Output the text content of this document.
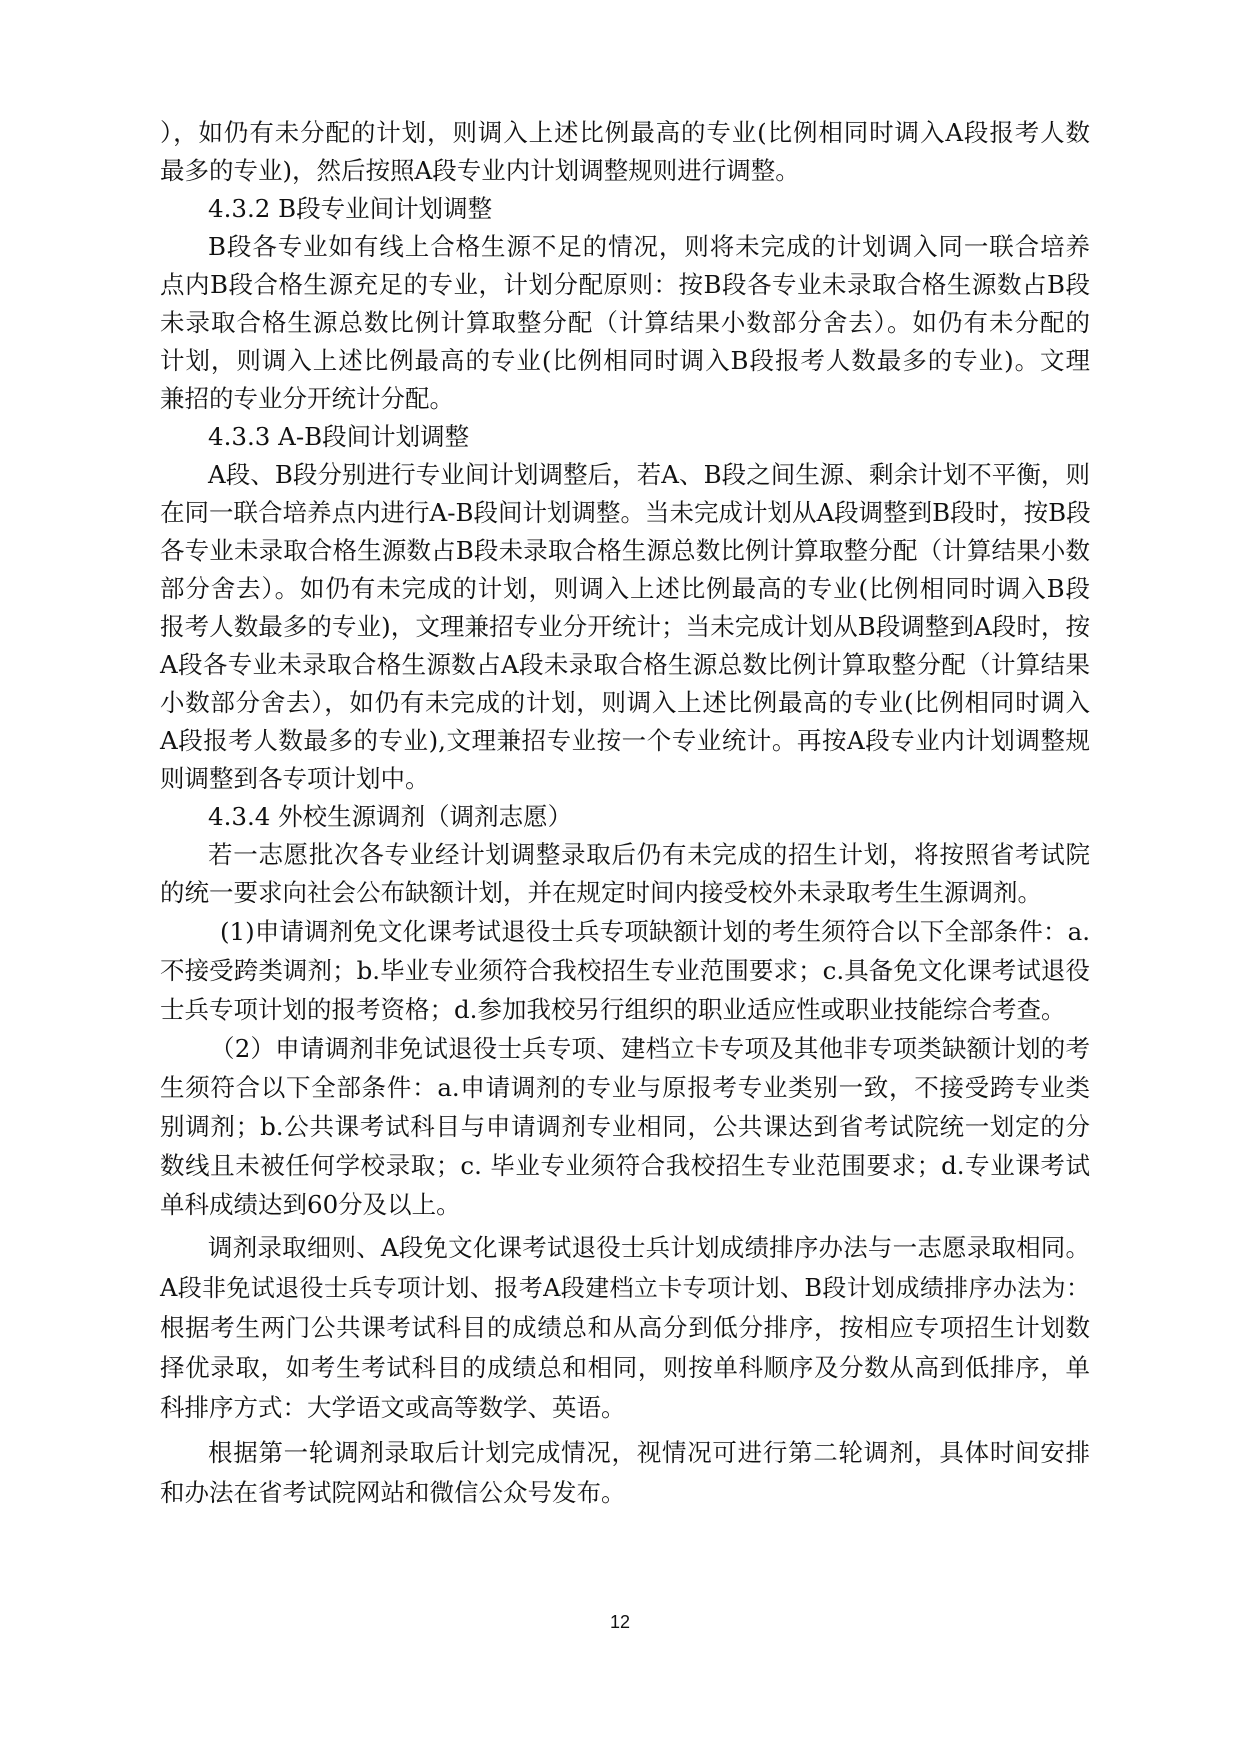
），如仍有未分配的计划，则调入上述比例最高的专业(比例相同时调入A段报考人数
最多的专业)，然后按照A段专业内计划调整规则进行调整。
4.3.2 B段专业间计划调整
B段各专业如有线上合格生源不足的情况，则将未完成的计划调入同一联合培养
点内B段合格生源充足的专业，计划分配原则：按B段各专业未录取合格生源数占B段
未录取合格生源总数比例计算取整分配（计算结果小数部分舍去）。如仍有未分配的
计划，则调入上述比例最高的专业(比例相同时调入B段报考人数最多的专业)。文理
兼招的专业分开统计分配。
4.3.3 A-B段间计划调整
A段、B段分别进行专业间计划调整后，若A、B段之间生源、剩余计划不平衡，则
在同一联合培养点内进行A-B段间计划调整。当未完成计划从A段调整到B段时，按B段
各专业未录取合格生源数占B段未录取合格生源总数比例计算取整分配（计算结果小数
部分舍去）。如仍有未完成的计划，则调入上述比例最高的专业(比例相同时调入B段
报考人数最多的专业)，文理兼招专业分开统计；当未完成计划从B段调整到A段时，按
A段各专业未录取合格生源数占A段未录取合格生源总数比例计算取整分配（计算结果
小数部分舍去），如仍有未完成的计划，则调入上述比例最高的专业(比例相同时调入
A段报考人数最多的专业),文理兼招专业按一个专业统计。再按A段专业内计划调整规
则调整到各专项计划中。
4.3.4 外校生源调剂（调剂志愿）
若一志愿批次各专业经计划调整录取后仍有未完成的招生计划，将按照省考试院
的统一要求向社会公布缺额计划，并在规定时间内接受校外未录取考生生源调剂。
(1)申请调剂免文化课考试退役士兵专项缺额计划的考生须符合以下全部条件：a.
不接受跨类调剂；b.毕业专业须符合我校招生专业范围要求；c.具备免文化课考试退役
士兵专项计划的报考资格；d.参加我校另行组织的职业适应性或职业技能综合考查。
（2）申请调剂非免试退役士兵专项、建档立卡专项及其他非专项类缺额计划的考
生须符合以下全部条件：a.申请调剂的专业与原报考专业类别一致，不接受跨专业类
别调剂；b.公共课考试科目与申请调剂专业相同，公共课达到省考试院统一划定的分
数线且未被任何学校录取；c. 毕业专业须符合我校招生专业范围要求；d.专业课考试
单科成绩达到60分及以上。
调剂录取细则、A段免文化课考试退役士兵计划成绩排序办法与一志愿录取相同。
A段非免试退役士兵专项计划、报考A段建档立卡专项计划、B段计划成绩排序办法为：
根据考生两门公共课考试科目的成绩总和从高分到低分排序，按相应专项招生计划数
择优录取，如考生考试科目的成绩总和相同，则按单科顺序及分数从高到低排序，单
科排序方式：大学语文或高等数学、英语。
根据第一轮调剂录取后计划完成情况，视情况可进行第二轮调剂，具体时间安排
和办法在省考试院网站和微信公众号发布。
12
